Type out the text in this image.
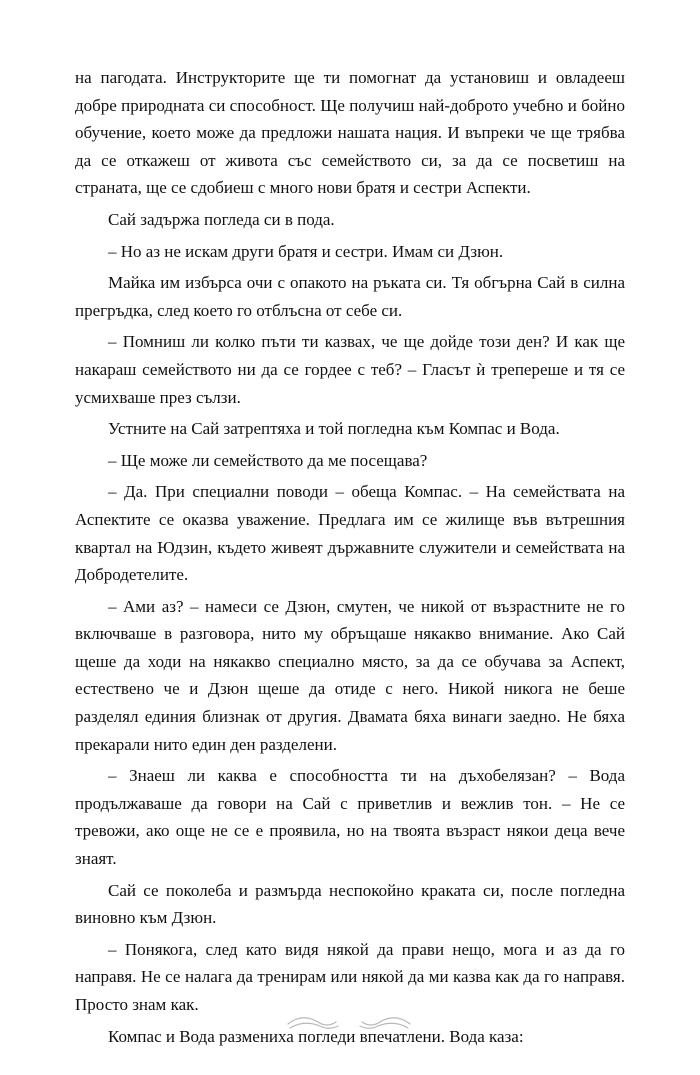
на пагодата. Инструкторите ще ти помогнат да установиш и овладееш добре природната си способност. Ще получиш най-доброто учебно и бойно обучение, което може да предложи нашата нация. И въпреки че ще трябва да се откажеш от живота със семейството си, за да се посветиш на страната, ще се сдобиеш с много нови братя и сестри Аспекти.

Сай задържа погледа си в пода.

– Но аз не искам други братя и сестри. Имам си Дзюн.

Майка им избърса очи с опакото на ръката си. Тя обгърна Сай в силна прегръдка, след което го отблъсна от себе си.

– Помниш ли колко пъти ти казвах, че ще дойде този ден? И как ще накараш семейството ни да се гордее с теб? – Гласът ѝ трепереше и тя се усмихваше през сълзи.

Устните на Сай затрептяха и той погледна към Компас и Вода.

– Ще може ли семейството да ме посещава?

– Да. При специални поводи – обеща Компас. – На семействата на Аспектите се оказва уважение. Предлага им се жилище във вътрешния квартал на Юдзин, където живеят държавните служители и семействата на Добродетелите.

– Ами аз? – намеси се Дзюн, смутен, че никой от възрастните не го включваше в разговора, нито му обръщаше някакво внимание. Ако Сай щеше да ходи на някакво специално място, за да се обучава за Аспект, естествено че и Дзюн щеше да отиде с него. Никой никога не беше разделял единия близнак от другия. Двамата бяха винаги заедно. Не бяха прекарали нито един ден разделени.

– Знаеш ли каква е способността ти на дъхобелязан? – Вода продължаваше да говори на Сай с приветлив и вежлив тон. – Не се тревожи, ако още не се е проявила, но на твоята възраст някои деца вече знаят.

Сай се поколеба и размърда неспокойно краката си, после погледна виновно към Дзюн.

– Понякога, след като видя някой да прави нещо, мога и аз да го направя. Не се налага да тренирам или някой да ми казва как да го направя. Просто знам как.

Компас и Вода размениха погледи впечатлени. Вода каза:
